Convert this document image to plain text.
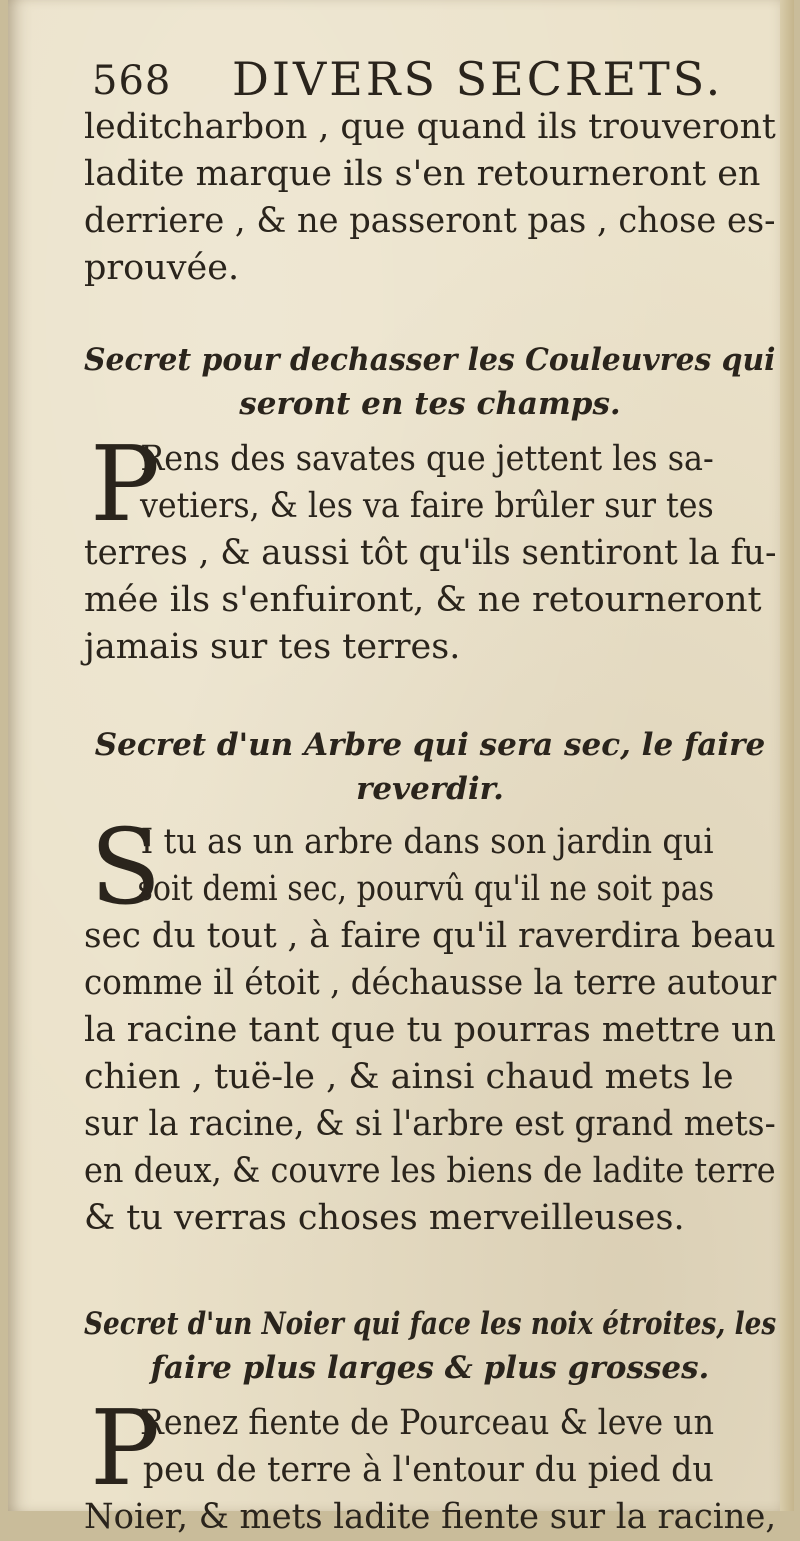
568 DIVERS SECRETS.

leditcharbon , que quand ils trouveront
ladite marque ils s'en retourneront en
derriere , & ne passeront pas , chose es-
prouvée.

Secret pour dechasser les Couleuvres qui
seront en tes champs.
P
Rens des savates que jettent les sa-
vetiers, & les va faire brûler sur tes
terres , & aussi tôt qu'ils sentiront la fu-
mée ils s'enfuiront, & ne retourneront
jamais sur tes terres.
Secret d'un Arbre qui sera sec, le faire
reverdir.
S
I tu as un arbre dans son jardin qui
soit demi sec, pourvû qu'il ne soit pas
sec du tout , à faire qu'il raverdira beau
comme il étoit , déchausse la terre autour
la racine tant que tu pourras mettre un
chien , tuë-le , & ainsi chaud mets le
sur la racine, & si l'arbre est grand mets-
en deux, & couvre les biens de ladite terre
& tu verras choses merveilleuses.
Secret d'un Noier qui face les noix étroites, les
faire plus larges & plus grosses.
P
Renez fiente de Pourceau & leve un
peu de terre à l'entour du pied du
Noier, & mets ladite fiente sur la racine,
